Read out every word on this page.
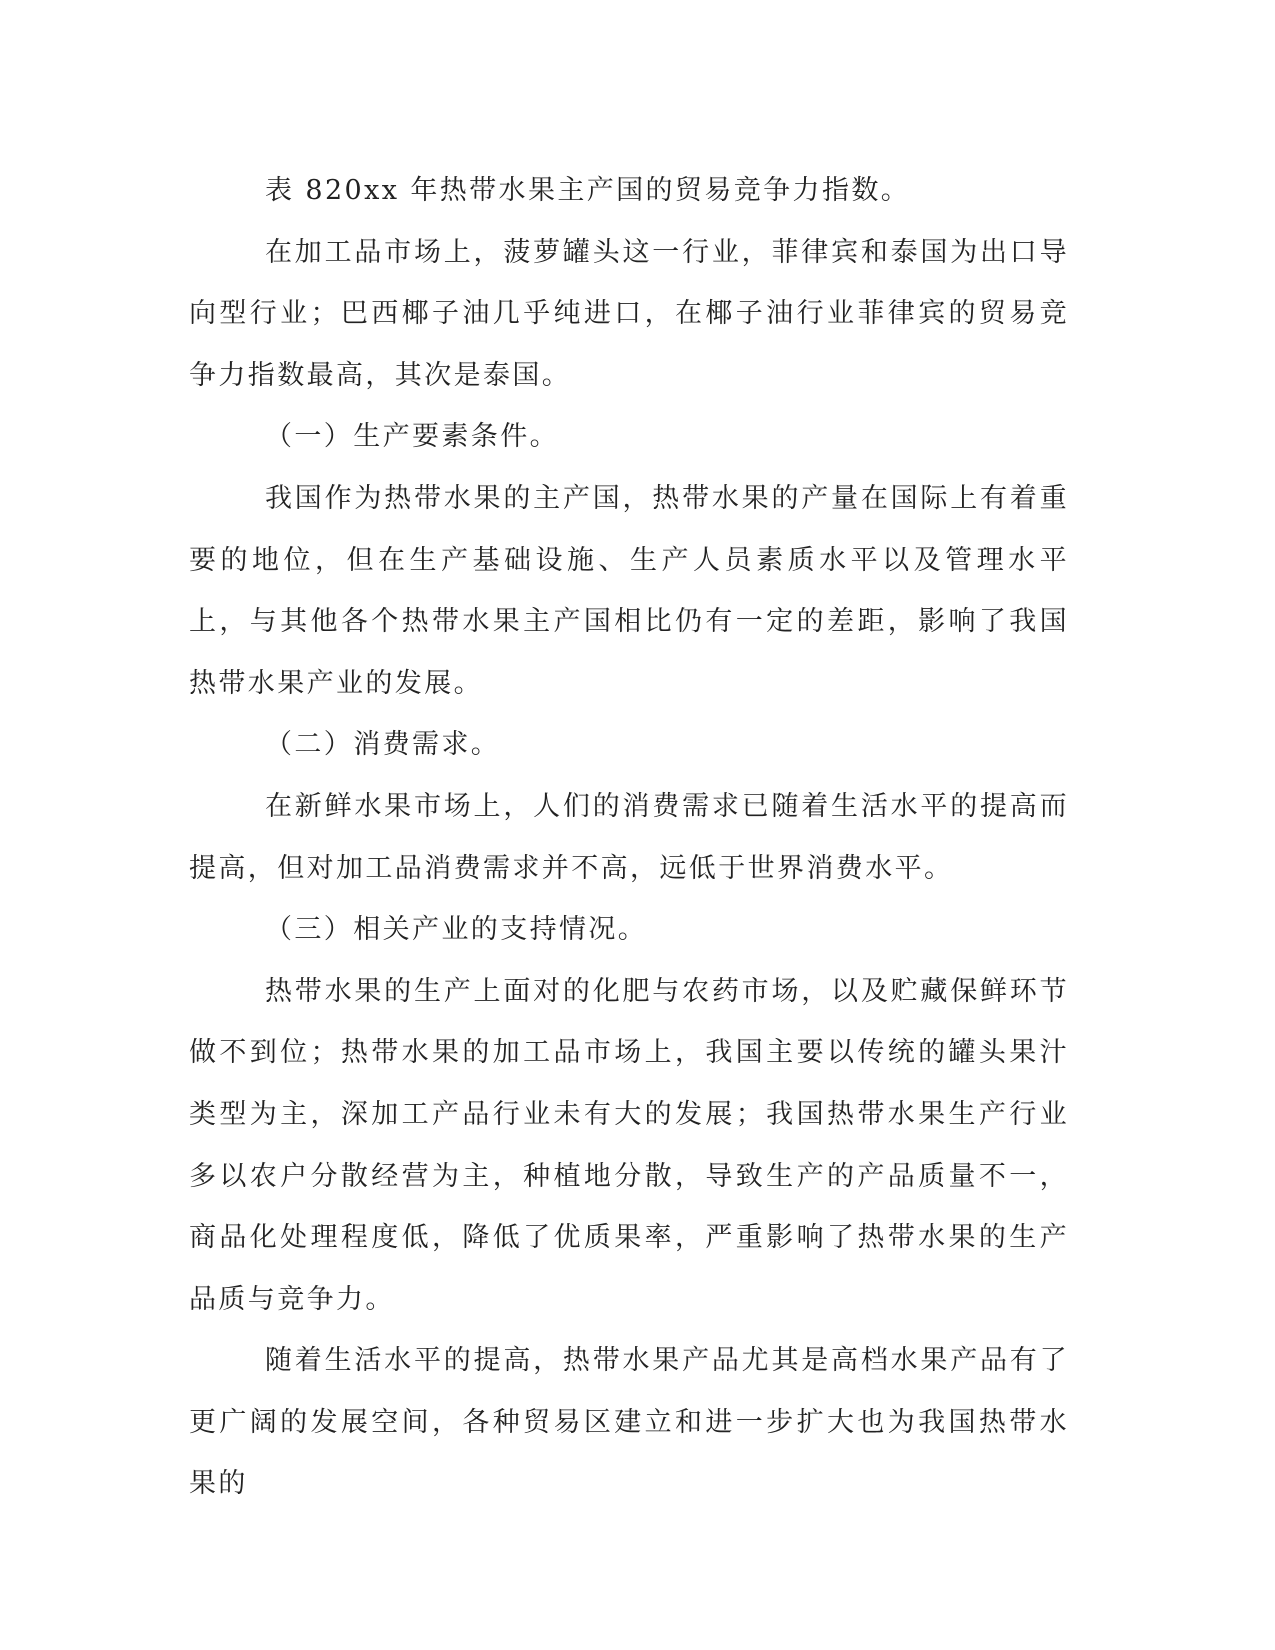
表 820xx 年热带水果主产国的贸易竞争力指数。

在加工品市场上，菠萝罐头这一行业，菲律宾和泰国为出口导向型行业；巴西椰子油几乎纯进口，在椰子油行业菲律宾的贸易竞争力指数最高，其次是泰国。

（一）生产要素条件。

我国作为热带水果的主产国，热带水果的产量在国际上有着重要的地位，但在生产基础设施、生产人员素质水平以及管理水平上，与其他各个热带水果主产国相比仍有一定的差距，影响了我国热带水果产业的发展。

（二）消费需求。

在新鲜水果市场上，人们的消费需求已随着生活水平的提高而提高，但对加工品消费需求并不高，远低于世界消费水平。

（三）相关产业的支持情况。

热带水果的生产上面对的化肥与农药市场，以及贮藏保鲜环节做不到位；热带水果的加工品市场上，我国主要以传统的罐头果汁类型为主，深加工产品行业未有大的发展；我国热带水果生产行业多以农户分散经营为主，种植地分散，导致生产的产品质量不一，商品化处理程度低，降低了优质果率，严重影响了热带水果的生产品质与竞争力。

随着生活水平的提高，热带水果产品尤其是高档水果产品有了更广阔的发展空间，各种贸易区建立和进一步扩大也为我国热带水果的
